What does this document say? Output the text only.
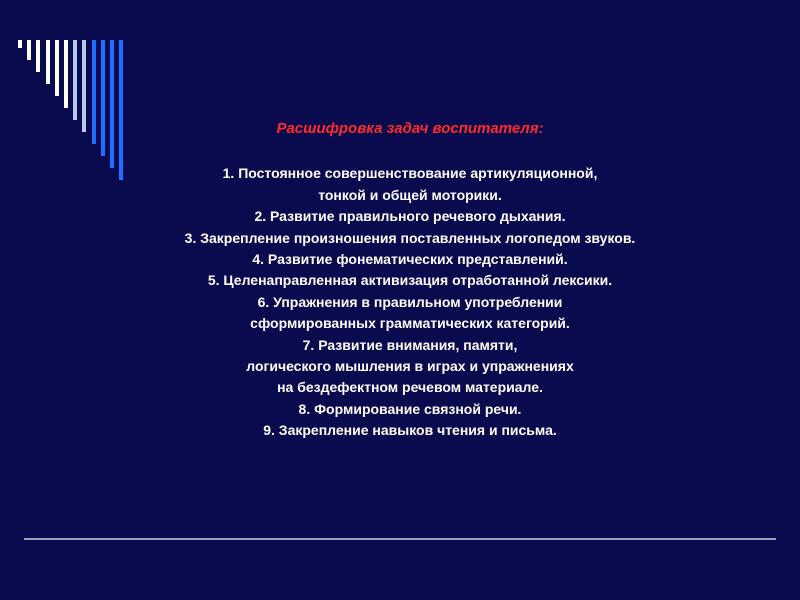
Расшифровка задач воспитателя:

1. Постоянное совершенствование артикуляционной,

тонкой и общей моторики.

2. Развитие правильного речевого дыхания.

3. Закрепление произношения поставленных логопедом звуков.

4. Развитие фонематических представлений.

5. Целенаправленная активизация отработанной лексики.

6. Упражнения в правильном употреблении

сформированных грамматических категорий.

7. Развитие внимания, памяти,

логического мышления в играх и упражнениях

на бездефектном речевом материале.

8. Формирование связной речи.

9. Закрепление навыков чтения и письма.
